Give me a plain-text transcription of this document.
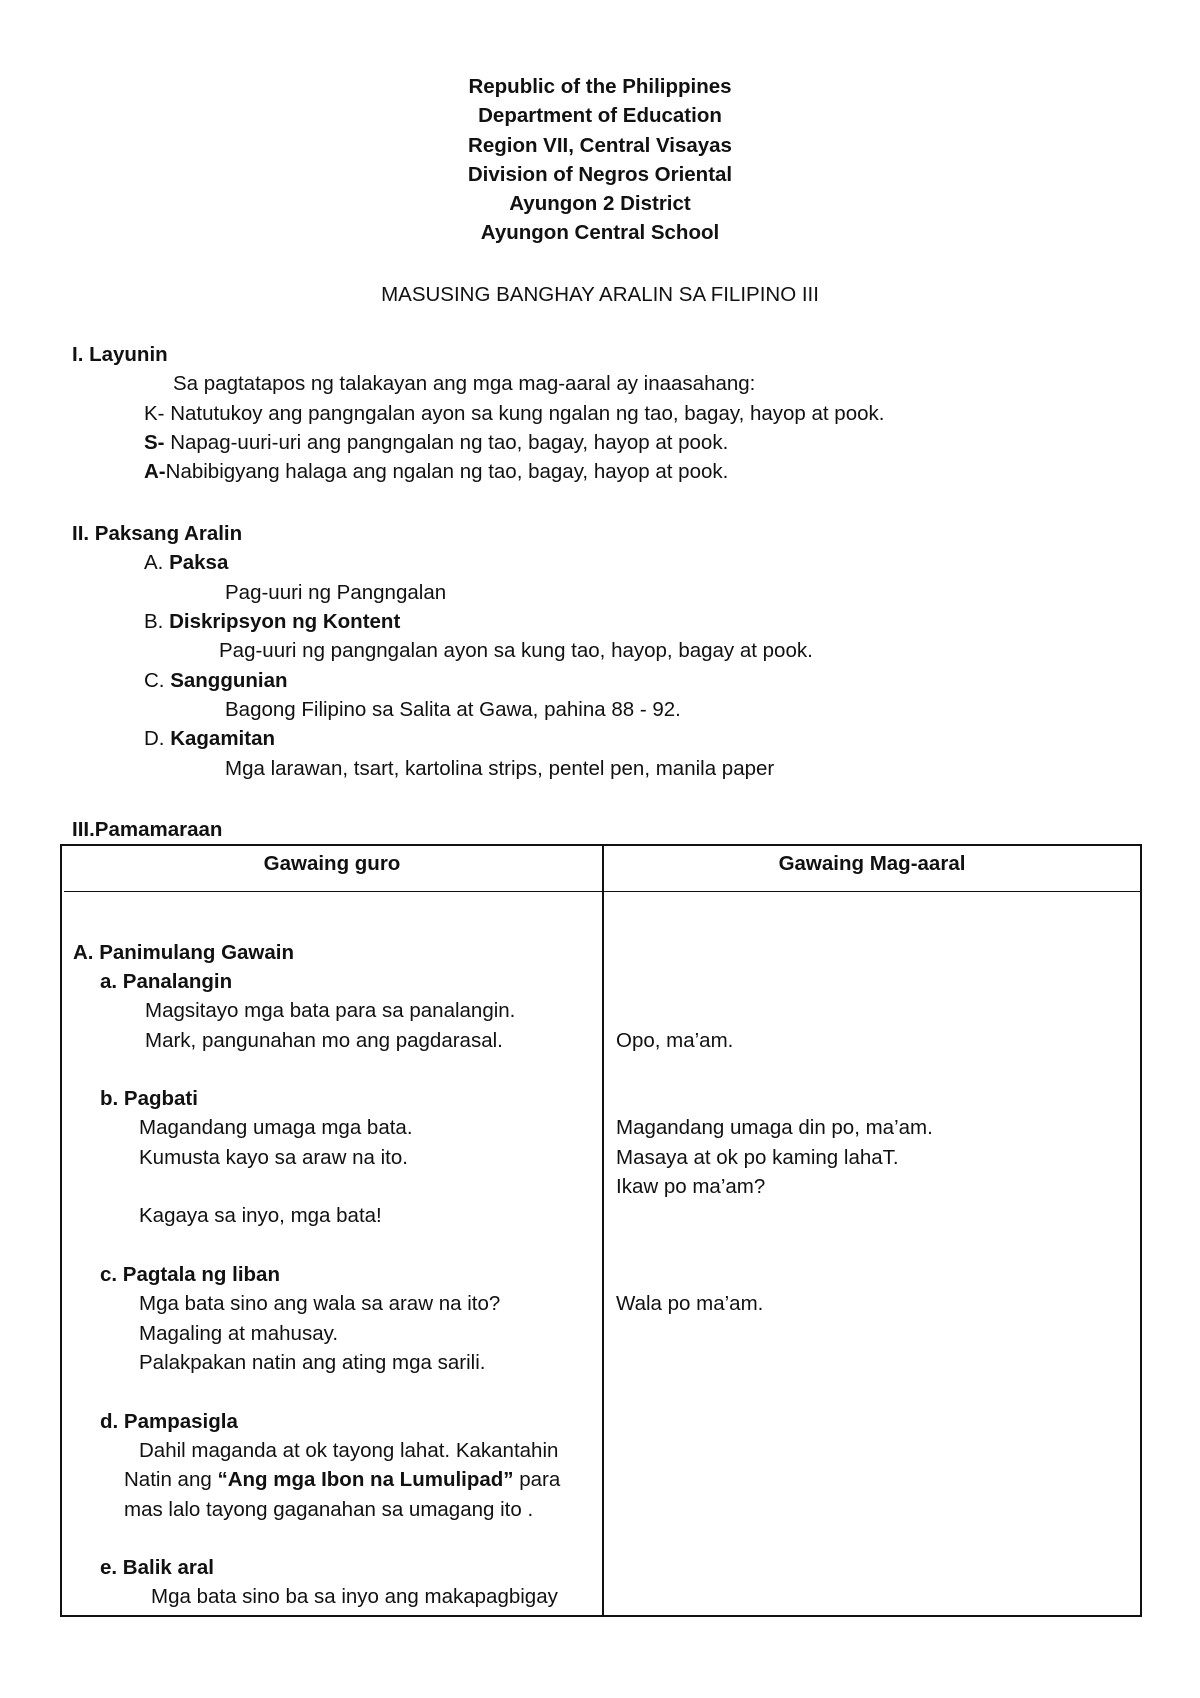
Republic of the Philippines
Department of Education
Region VII, Central Visayas
Division of Negros Oriental
Ayungon 2 District
Ayungon Central School
MASUSING BANGHAY ARALIN SA FILIPINO III
I. Layunin
Sa pagtatapos ng talakayan ang mga mag-aaral ay inaasahang:
K- Natutukoy ang pangngalan ayon sa kung ngalan ng tao, bagay, hayop at pook.
S- Napag-uuri-uri ang pangngalan ng tao, bagay, hayop at pook.
A-Nabibigyang halaga ang ngalan ng tao, bagay, hayop at pook.
II. Paksang Aralin
A. Paksa
Pag-uuri ng Pangngalan
B. Diskripsyon ng Kontent
Pag-uuri ng pangngalan ayon sa kung tao, hayop, bagay at pook.
C. Sanggunian
Bagong Filipino sa Salita at Gawa, pahina 88 - 92.
D. Kagamitan
Mga larawan, tsart, kartolina strips, pentel pen, manila paper
III.Pamamaraan
Gawaing guro	Gawaing Mag-aaral
A. Panimulang Gawain
a. Panalangin
Magsitayo mga bata para sa panalangin.
Mark, pangunahan mo ang pagdarasal.
b. Pagbati
Magandang umaga mga bata.
Kumusta kayo sa araw na ito.
Kagaya sa inyo, mga bata!
c. Pagtala ng liban
Mga bata sino ang wala sa araw na ito?
Magaling at mahusay.
Palakpakan natin ang ating mga sarili.
d. Pampasigla
Dahil maganda at ok tayong lahat. Kakantahin
Natin ang “Ang mga Ibon na Lumulipad” para
mas lalo tayong gaganahan sa umagang ito .
e. Balik aral
Mga bata sino ba sa inyo ang makapagbigay
Opo, ma’am.
Magandang umaga din po, ma’am.
Masaya at ok po kaming lahaT.
Ikaw po ma’am?
Wala po ma’am.
